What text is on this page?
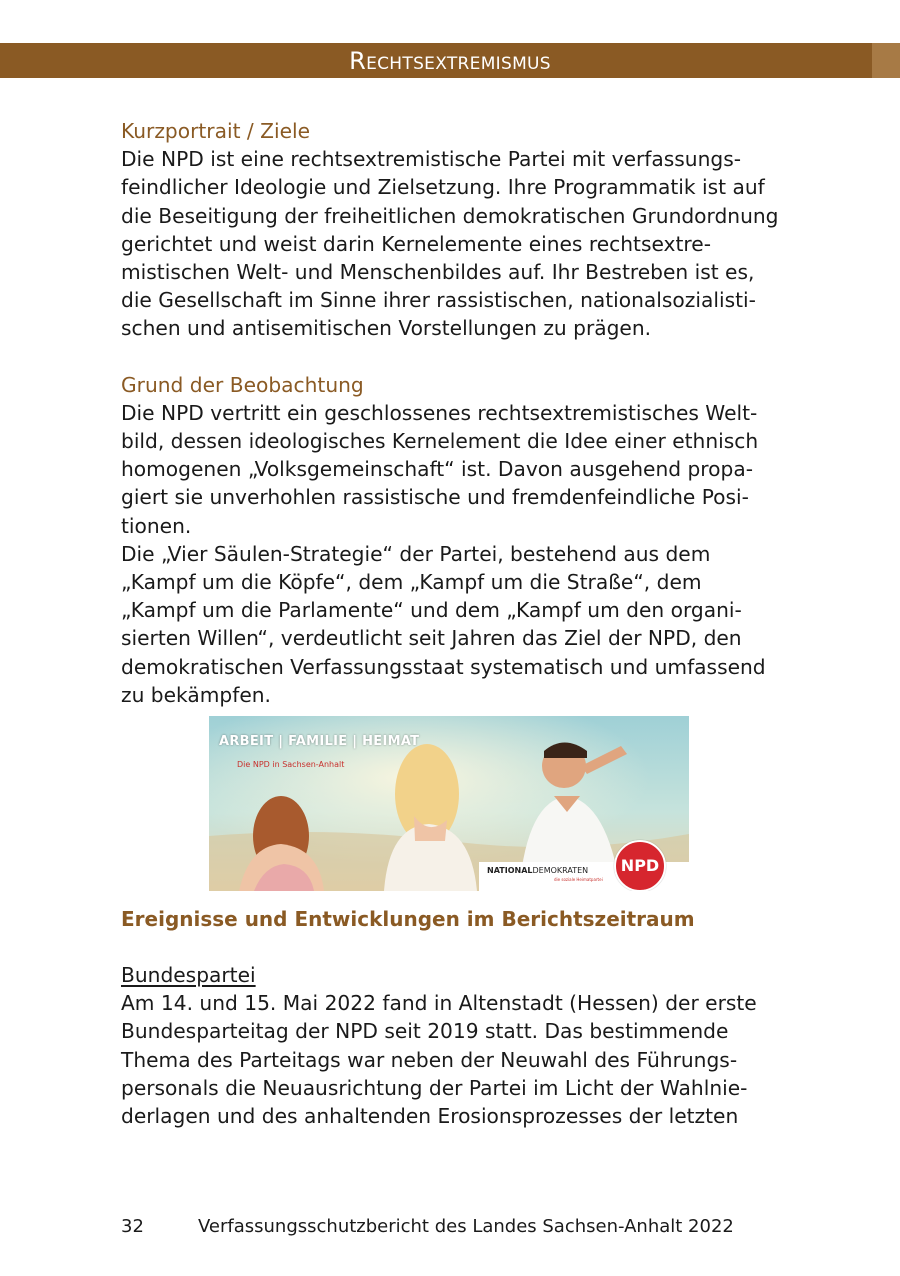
Rechtsextremismus
Kurzportrait / Ziele

Die NPD ist eine rechtsextremistische Partei mit verfassungsfeindlicher Ideologie und Zielsetzung. Ihre Programmatik ist auf die Beseitigung der freiheitlichen demokratischen Grundordnung gerichtet und weist darin Kernelemente eines rechtsextremistischen Welt- und Menschenbildes auf. Ihr Bestreben ist es, die Gesellschaft im Sinne ihrer rassistischen, nationalsozialistischen und antisemitischen Vorstellungen zu prägen.

Grund der Beobachtung

Die NPD vertritt ein geschlossenes rechtsextremistisches Weltbild, dessen ideologisches Kernelement die Idee einer ethnisch homogenen „Volksgemeinschaft“ ist. Davon ausgehend propagiert sie unverhohlen rassistische und fremdenfeindliche Positionen.

Die „Vier Säulen-Strategie“ der Partei, bestehend aus dem „Kampf um die Köpfe“, dem „Kampf um die Straße“, dem „Kampf um die Parlamente“ und dem „Kampf um den organisierten Willen“, verdeutlicht seit Jahren das Ziel der NPD, den demokratischen Verfassungsstaat systematisch und umfassend zu bekämpfen.

ARBEIT | FAMILIE | HEIMAT
Die NPD in Sachsen-Anhalt
NATIONALDEMOKRATEN
die soziale Heimatpartei
NPD
Ereignisse und Entwicklungen im Berichtszeitraum
Bundespartei

Am 14. und 15. Mai 2022 fand in Altenstadt (Hessen) der erste Bundesparteitag der NPD seit 2019 statt. Das bestimmende Thema des Parteitags war neben der Neuwahl des Führungspersonals die Neuausrichtung der Partei im Licht der Wahlniederlagen und des anhaltenden Erosionsprozesses der letzten

32	Verfassungsschutzbericht des Landes Sachsen-Anhalt 2022
